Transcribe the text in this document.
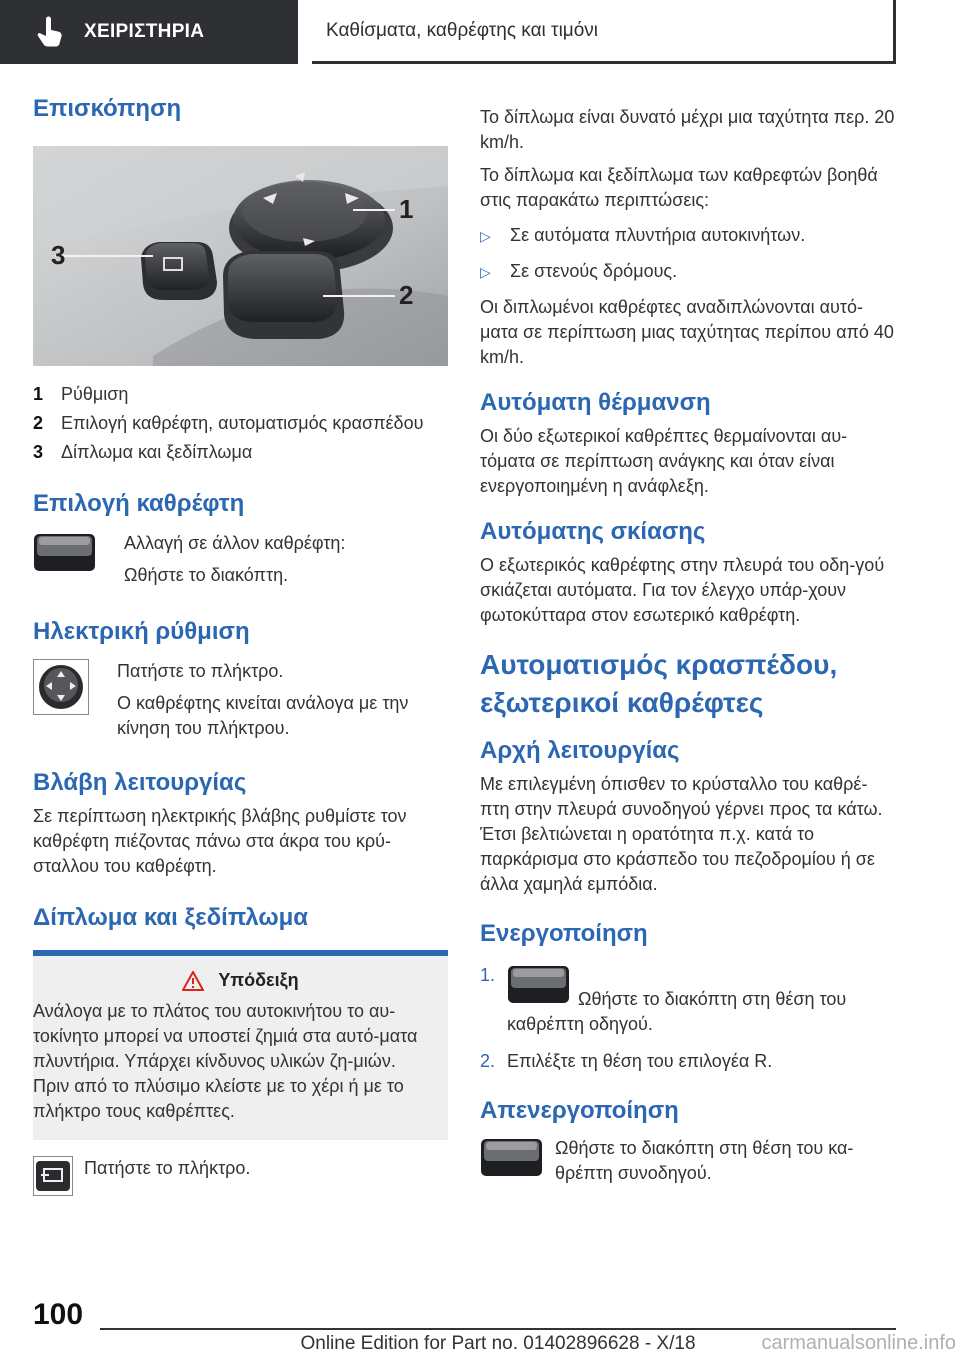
ΧΕΙΡΙΣΤΗΡΙΑ	Καθίσματα, καθρέφτης και τιμόνι
Επισκόπηση
3
1
2
1 Ρύθμιση
2 Επιλογή καθρέφτη, αυτοματισμός κρασπέδου
3 Δίπλωμα και ξεδίπλωμα
Επιλογή καθρέφτη

Αλλαγή σε άλλον καθρέφτη:

Ωθήστε το διακόπτη.

Ηλεκτρική ρύθμιση

Πατήστε το πλήκτρο.

Ο καθρέφτης κινείται ανάλογα με την κίνηση του πλήκτρου.

Βλάβη λειτουργίας

Σε περίπτωση ηλεκτρικής βλάβης ρυθμίστε τον καθρέφτη πιέζοντας πάνω στα άκρα του κρύ-σταλλου του καθρέφτη.

Δίπλωμα και ξεδίπλωμα
Υπόδειξη

Ανάλογα με το πλάτος του αυτοκινήτου το αυ-τοκίνητο μπορεί να υποστεί ζημιά στα αυτό-ματα πλυντήρια. Υπάρχει κίνδυνος υλικών ζη-μιών. Πριν από το πλύσιμο κλείστε με το χέρι ή με το πλήκτρο τους καθρέπτες.

Πατήστε το πλήκτρο.

Το δίπλωμα είναι δυνατό μέχρι μια ταχύτητα περ. 20 km/h.

Το δίπλωμα και ξεδίπλωμα των καθρεφτών βοηθά στις παρακάτω περιπτώσεις:

▷	Σε αυτόματα πλυντήρια αυτοκινήτων.
▷	Σε στενούς δρόμους.

Οι διπλωμένοι καθρέφτες αναδιπλώνονται αυτό-ματα σε περίπτωση μιας ταχύτητας περίπου από 40 km/h.

Αυτόματη θέρμανση

Οι δύο εξωτερικοί καθρέπτες θερμαίνονται αυ-τόματα σε περίπτωση ανάγκης και όταν είναι ενεργοποιημένη η ανάφλεξη.

Αυτόματης σκίασης

Ο εξωτερικός καθρέφτης στην πλευρά του οδη-γού σκιάζεται αυτόματα. Για τον έλεγχο υπάρ-χουν φωτοκύτταρα στον εσωτερικό καθρέφτη.

Αυτοματισμός κρασπέδου,
εξωτερικοί καθρέφτες
Αρχή λειτουργίας

Με επιλεγμένη όπισθεν το κρύσταλλο του καθρέ-πτη στην πλευρά συνοδηγού γέρνει προς τα κάτω. Έτσι βελτιώνεται η ορατότητα π.χ. κατά το παρκάρισμα στο κράσπεδο του πεζοδρομίου ή σε άλλα χαμηλά εμπόδια.

Ενεργοποίηση
1.
Ωθήστε το διακόπτη στη θέση του καθρέπτη οδηγού.
2. Επιλέξτε τη θέση του επιλογέα R.
Απενεργοποίηση

Ωθήστε το διακόπτη στη θέση του κα-θρέπτη συνοδηγού.

100
Online Edition for Part no. 01402896628 - X/18	carmanualsonline.info
